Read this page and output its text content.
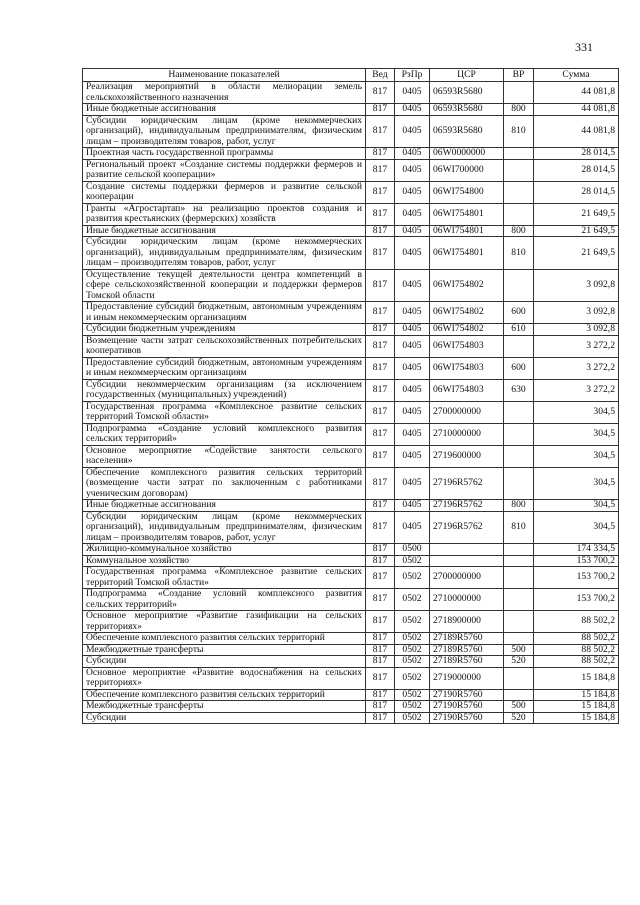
331
Наименование показателей	Вед	РзПр	ЦСР	ВР	Сумма
Реализация мероприятий в области мелиорации земель сельскохозяйственного назначения	817	0405	06593R5680		44 081,8
Иные бюджетные ассигнования	817	0405	06593R5680	800	44 081,8
Субсидии юридическим лицам (кроме некоммерческих организаций), индивидуальным предпринимателям, физическим лицам – производителям товаров, работ, услуг	817	0405	06593R5680	810	44 081,8
Проектная часть государственной программы	817	0405	06W0000000		28 014,5
Региональный проект «Создание системы поддержки фермеров и развитие сельской кооперации»	817	0405	06WI700000		28 014,5
Создание системы поддержки фермеров и развитие сельской кооперации	817	0405	06WI754800		28 014,5
Гранты «Агростартап» на реализацию проектов создания и развития крестьянских (фермерских) хозяйств	817	0405	06WI754801		21 649,5
Иные бюджетные ассигнования	817	0405	06WI754801	800	21 649,5
Субсидии юридическим лицам (кроме некоммерческих организаций), индивидуальным предпринимателям, физическим лицам – производителям товаров, работ, услуг	817	0405	06WI754801	810	21 649,5
Осуществление текущей деятельности центра компетенций в сфере сельскохозяйственной кооперации и поддержки фермеров Томской области	817	0405	06WI754802		3 092,8
Предоставление субсидий бюджетным, автономным учреждениям и иным некоммерческим организациям	817	0405	06WI754802	600	3 092,8
Субсидии бюджетным учреждениям	817	0405	06WI754802	610	3 092,8
Возмещение части затрат сельскохозяйственных потребительских кооперативов	817	0405	06WI754803		3 272,2
Предоставление субсидий бюджетным, автономным учреждениям и иным некоммерческим организациям	817	0405	06WI754803	600	3 272,2
Субсидии некоммерческим организациям (за исключением государственных (муниципальных) учреждений)	817	0405	06WI754803	630	3 272,2
Государственная программа «Комплексное развитие сельских территорий Томской области»	817	0405	2700000000		304,5
Подпрограмма «Создание условий комплексного развития сельских территорий»	817	0405	2710000000		304,5
Основное мероприятие «Содействие занятости сельского населения»	817	0405	2719600000		304,5
Обеспечение комплексного развития сельских территорий (возмещение части затрат по заключенным с работниками ученическим договорам)	817	0405	27196R5762		304,5
Иные бюджетные ассигнования	817	0405	27196R5762	800	304,5
Субсидии юридическим лицам (кроме некоммерческих организаций), индивидуальным предпринимателям, физическим лицам – производителям товаров, работ, услуг	817	0405	27196R5762	810	304,5
Жилищно-коммунальное хозяйство	817	0500			174 334,5
Коммунальное хозяйство	817	0502			153 700,2
Государственная программа «Комплексное развитие сельских территорий Томской области»	817	0502	2700000000		153 700,2
Подпрограмма «Создание условий комплексного развития сельских территорий»	817	0502	2710000000		153 700,2
Основное мероприятие «Развитие газификации на сельских территориях»	817	0502	2718900000		88 502,2
Обеспечение комплексного развития сельских территорий	817	0502	27189R5760		88 502,2
Межбюджетные трансферты	817	0502	27189R5760	500	88 502,2
Субсидии	817	0502	27189R5760	520	88 502,2
Основное мероприятие «Развитие водоснабжения на сельских территориях»	817	0502	2719000000		15 184,8
Обеспечение комплексного развития сельских территорий	817	0502	27190R5760		15 184,8
Межбюджетные трансферты	817	0502	27190R5760	500	15 184,8
Субсидии	817	0502	27190R5760	520	15 184,8
